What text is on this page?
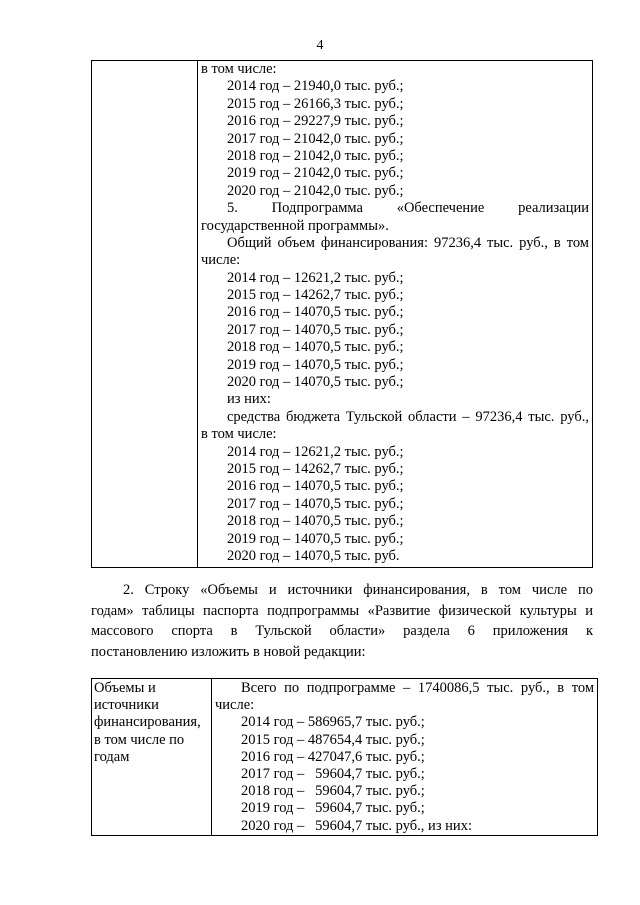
4

в том числе:
2014 год – 21940,0 тыс. руб.;
2015 год – 26166,3 тыс. руб.;
2016 год – 29227,9 тыс. руб.;
2017 год – 21042,0 тыс. руб.;
2018 год – 21042,0 тыс. руб.;
2019 год – 21042,0 тыс. руб.;
2020 год – 21042,0 тыс. руб.;
5. Подпрограмма «Обеспечение реализации
государственной программы».
Общий объем финансирования: 97236,4 тыс. руб., в том
числе:
2014 год – 12621,2 тыс. руб.;
2015 год – 14262,7 тыс. руб.;
2016 год – 14070,5 тыс. руб.;
2017 год – 14070,5 тыс. руб.;
2018 год – 14070,5 тыс. руб.;
2019 год – 14070,5 тыс. руб.;
2020 год – 14070,5 тыс. руб.;
из них:
средства бюджета Тульской области – 97236,4 тыс. руб.,
в том числе:
2014 год – 12621,2 тыс. руб.;
2015 год – 14262,7 тыс. руб.;
2016 год – 14070,5 тыс. руб.;
2017 год – 14070,5 тыс. руб.;
2018 год – 14070,5 тыс. руб.;
2019 год – 14070,5 тыс. руб.;
2020 год – 14070,5 тыс. руб.

2. Строку «Объемы и источники финансирования, в том числе по

годам» таблицы паспорта подпрограммы «Развитие физической культуры и

массового спорта в Тульской области» раздела 6 приложения к

постановлению изложить в новой редакции:

Объемы и
источники
финансирования,
в том числе по
годам

Всего по подпрограмме – 1740086,5 тыс. руб., в том
числе:
2014 год – 586965,7 тыс. руб.;
2015 год – 487654,4 тыс. руб.;
2016 год – 427047,6 тыс. руб.;
2017 год –   59604,7 тыс. руб.;
2018 год –   59604,7 тыс. руб.;
2019 год –   59604,7 тыс. руб.;
2020 год –   59604,7 тыс. руб., из них:
